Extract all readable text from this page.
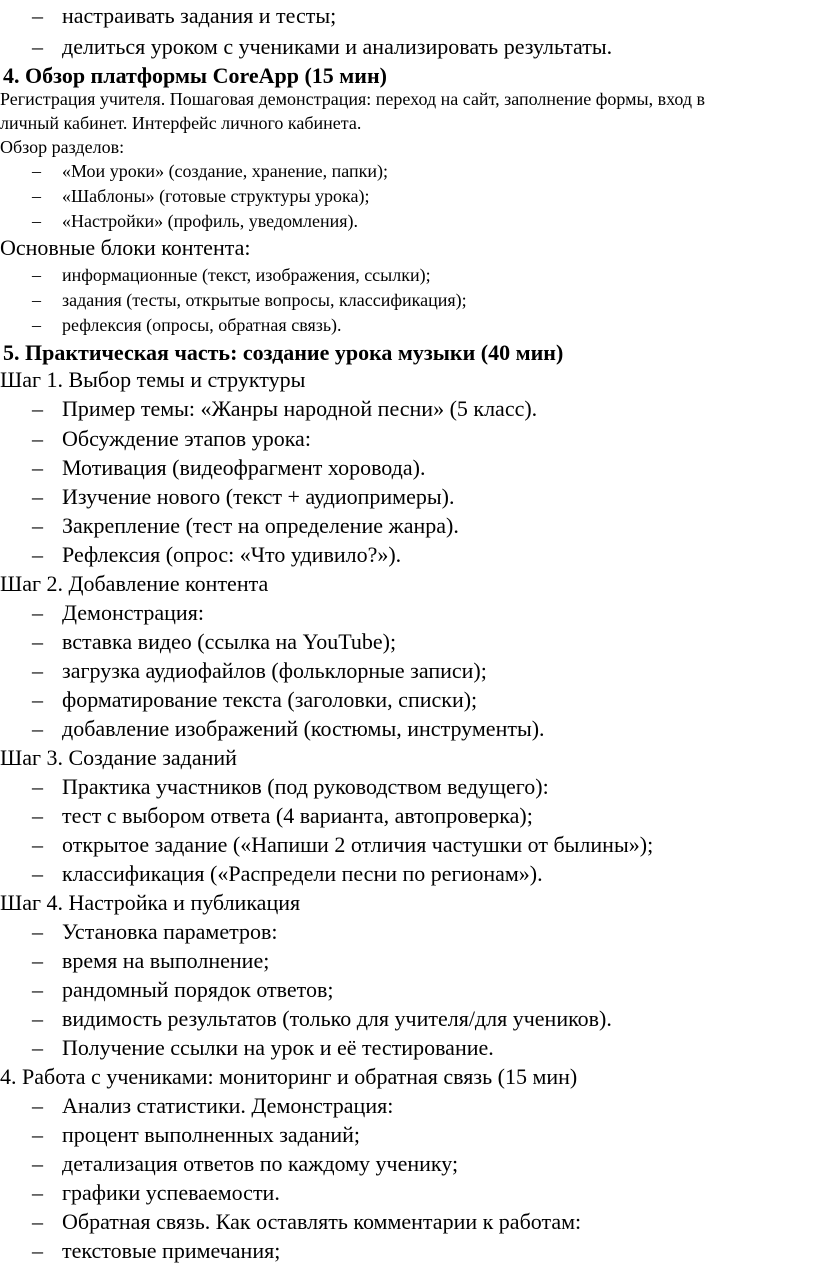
– настраивать задания и тесты;
– делиться уроком с учениками и анализировать результаты.
4. Обзор платформы CoreApp (15 мин)
Регистрация учителя. Пошаговая демонстрация: переход на сайт, заполнение формы, вход в
личный кабинет. Интерфейс личного кабинета.
Обзор разделов:
– «Мои уроки» (создание, хранение, папки);
– «Шаблоны» (готовые структуры урока);
– «Настройки» (профиль, уведомления).
Основные блоки контента:
– информационные (текст, изображения, ссылки);
– задания (тесты, открытые вопросы, классификация);
– рефлексия (опросы, обратная связь).
5. Практическая часть: создание урока музыки (40 мин)
Шаг 1. Выбор темы и структуры
– Пример темы: «Жанры народной песни» (5 класс).
– Обсуждение этапов урока:
– Мотивация (видеофрагмент хоровода).
– Изучение нового (текст + аудиопримеры).
– Закрепление (тест на определение жанра).
– Рефлексия (опрос: «Что удивило?»).
Шаг 2. Добавление контента
– Демонстрация:
– вставка видео (ссылка на YouTube);
– загрузка аудиофайлов (фольклорные записи);
– форматирование текста (заголовки, списки);
– добавление изображений (костюмы, инструменты).
Шаг 3. Создание заданий
– Практика участников (под руководством ведущего):
– тест с выбором ответа (4 варианта, автопроверка);
– открытое задание («Напиши 2 отличия частушки от былины»);
– классификация («Распредели песни по регионам»).
Шаг 4. Настройка и публикация
– Установка параметров:
– время на выполнение;
– рандомный порядок ответов;
– видимость результатов (только для учителя/для учеников).
– Получение ссылки на урок и её тестирование.
4. Работа с учениками: мониторинг и обратная связь (15 мин)
– Анализ статистики. Демонстрация:
– процент выполненных заданий;
– детализация ответов по каждому ученику;
– графики успеваемости.
– Обратная связь. Как оставлять комментарии к работам:
– текстовые примечания;
